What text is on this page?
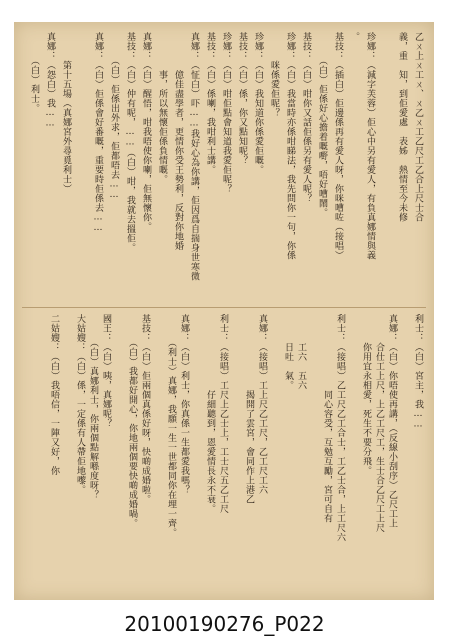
乙ㄨ上ㄨ工ㄨ、ㄨ乙ㄨ工乙尺工乙合上尺士合
義，重　知，到佢愛處　表姊　熱情至今未修
珍娜：（減字芙蓉）佢心中另有愛人，有負真娜情與義
。
基技：（插白）佢邊係再有愛人呀，你咪嘈咗（接唱）
　　　（白）佢係好心擔着嘅嘢，唔好嘈鬧。
基技：（白）咁你又話佢係另有愛人呢？
珍娜：（白）我當時亦係咁睇法，我先問你一句，你係
　　　咪係愛佢呢？
珍娜：（白）我知道你係愛佢嘅。
基技：（白）係，你又點知呢？
珍娜：（白）咁佢點會知道我愛佢呢？
基技：（白）係喇，我咁利士講。
真娜：（怔白）吓……我好心為你講，佢因爲自揣身世寒微
　　　　億佳盡學者，更情你受王勢利，反對你地婚
　　　　事，所以無懷佢係負情嘅。
真娜：（白）醒悟，咁我唔使你喇，佢無懷你。
基技：（白）仲有呢，……（白）咁，我就去搵佢。
　　　（白）佢係出外求，佢都唔去……
真娜：（白）佢係會好番嘅，重要時佢係去……
　　　第十五場（真娜宮外尋覓利士）
真娜：（怨白）我……
　　　（白）利士。
利士：（白）宮主，我……
真娜：（白）你唔使再講，（反線小刮序）乙尺工上
　　　合仕工上尺，上乙工尺工，生士合乙尺工上尺
　　　你用宜永相愛，死生不要分飛。
利士：（接唱）乙工尺乙工合士，工乙士合，上工尺六
　　　　　　　　同心容受，互勉互勵，宮可自有
　　　工六　五六
　　　日吐　氣。
真娜：（接唱）工上尺乙工尺，乙工尺工六
　　　　　　　　揭開了雲宮，會同作上港乙
利士：（接唱）工尺上乙士上，工士尺五乙工尺
　　　　　　　　仔細聽到，恩愛情長永不衰。
真娜：（白）利士，你真係一生都愛我嗎？
　　　（利士）真娜，我願一生一世都同你在埋一齊。
基技：（白）佢兩個真係好呀，快啲成婚啦。
　　　（白）我都好開心，你地兩個要快啲成婚喎。
國王：（白）咦，真娜呢？
　　　（白）真娜利士，你兩個點解喺度呀？
大姑嫂：（白）係，一定係有人帶佢地嚟。
二姑嫂：（白）我唔信，一陣又好，你
20100190276_P022
